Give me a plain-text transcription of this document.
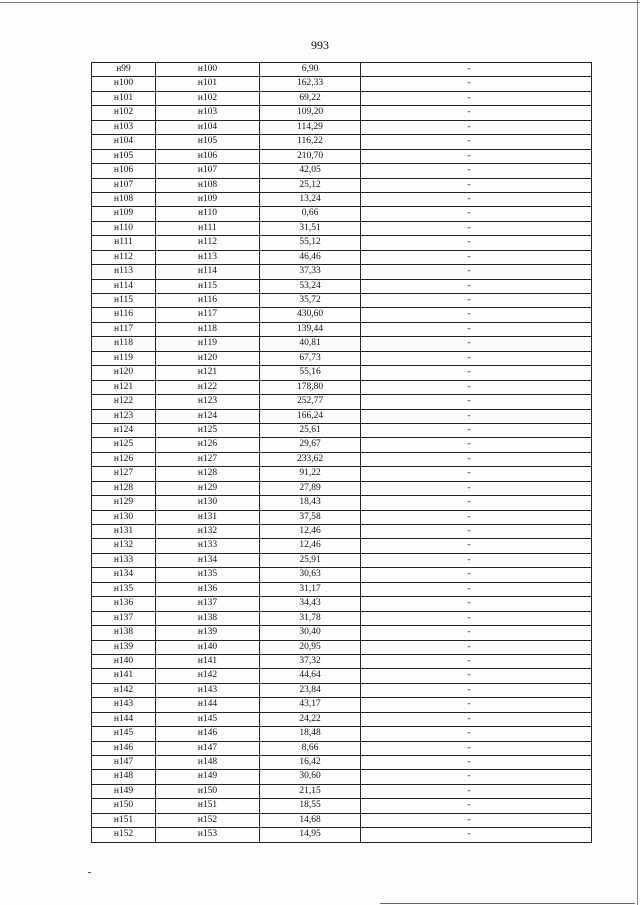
993
н99	н100	6,90	-
н100	н101	162,33	-
н101	н102	69,22	-
н102	н103	109,20	-
н103	н104	114,29	-
н104	н105	116,22	-
н105	н106	210,70	-
н106	н107	42,05	-
н107	н108	25,12	-
н108	н109	13,24	-
н109	н110	0,66	-
н110	н111	31,51	-
н111	н112	55,12	-
н112	н113	46,46	-
н113	н114	37,33	-
н114	н115	53,24	-
н115	н116	35,72	-
н116	н117	430,60	-
н117	н118	139,44	-
н118	н119	40,81	-
н119	н120	67,73	-
н120	н121	55,16	-
н121	н122	178,80	-
н122	н123	252,77	-
н123	н124	166,24	-
н124	н125	25,61	-
н125	н126	29,67	-
н126	н127	233,62	-
н127	н128	91,22	-
н128	н129	27,89	-
н129	н130	18,43	-
н130	н131	37,58	-
н131	н132	12,46	-
н132	н133	12,46	-
н133	н134	25,91	-
н134	н135	30,63	-
н135	н136	31,17	-
н136	н137	34,43	-
н137	н138	31,78	-
н138	н139	30,40	-
н139	н140	20,95	-
н140	н141	37,32	-
н141	н142	44,64	-
н142	н143	23,84	-
н143	н144	43,17	-
н144	н145	24,22	-
н145	н146	18,48	-
н146	н147	8,66	-
н147	н148	16,42	-
н148	н149	30,60	-
н149	н150	21,15	-
н150	н151	18,55	-
н151	н152	14,68	-
н152	н153	14,95	-
